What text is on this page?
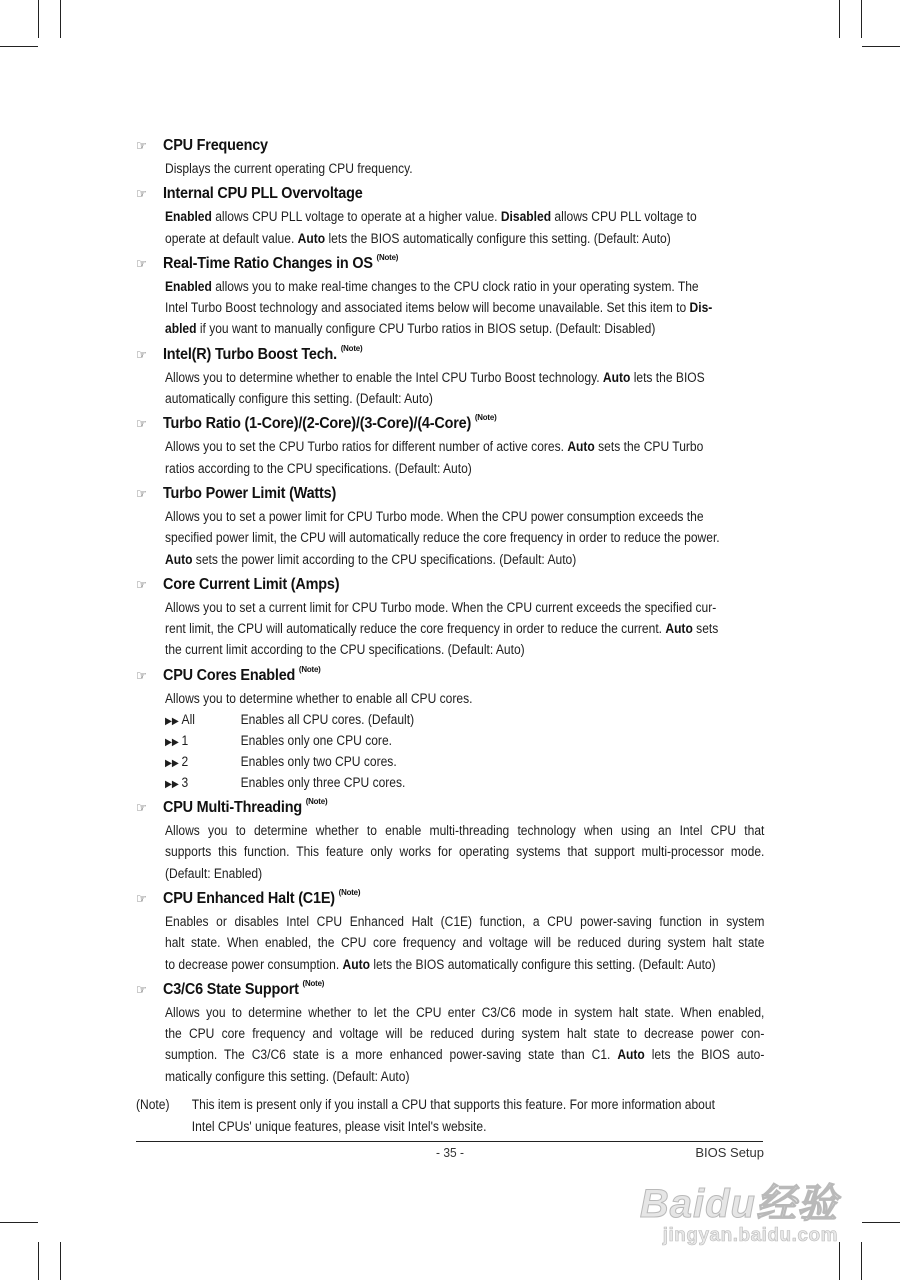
☞	CPU Frequency
Displays the current operating CPU frequency.
☞	Internal CPU PLL Overvoltage
Enabled allows CPU PLL voltage to operate at a higher value. Disabled allows CPU PLL voltage to
operate at default value. Auto lets the BIOS automatically configure this setting. (Default: Auto)
☞	Real-Time Ratio Changes in OS (Note)
Enabled allows you to make real-time changes to the CPU clock ratio in your operating system. The
Intel Turbo Boost technology and associated items below will become unavailable. Set this item to Dis-
abled if you want to manually configure CPU Turbo ratios in BIOS setup. (Default: Disabled)
☞	Intel(R) Turbo Boost Tech. (Note)
Allows you to determine whether to enable the Intel CPU Turbo Boost technology. Auto lets the BIOS
automatically configure this setting. (Default: Auto)
☞	Turbo Ratio (1-Core)/(2-Core)/(3-Core)/(4-Core) (Note)
Allows you to set the CPU Turbo ratios for different number of active cores. Auto sets the CPU Turbo
ratios according to the CPU specifications. (Default: Auto)
☞	Turbo Power Limit (Watts)
Allows you to set a power limit for CPU Turbo mode. When the CPU power consumption exceeds the
specified power limit, the CPU will automatically reduce the core frequency in order to reduce the power.
Auto sets the power limit according to the CPU specifications. (Default: Auto)
☞	Core Current Limit (Amps)
Allows you to set a current limit for CPU Turbo mode. When the CPU current exceeds the specified cur-
rent limit, the CPU will automatically reduce the core frequency in order to reduce the current. Auto sets
the current limit according to the CPU specifications. (Default: Auto)
☞	CPU Cores Enabled (Note)
Allows you to determine whether to enable all CPU cores.
▶▶ All	Enables all CPU cores. (Default)
▶▶ 1	Enables only one CPU core.
▶▶ 2	Enables only two CPU cores.
▶▶ 3	Enables only three CPU cores.
☞	CPU Multi-Threading (Note)
Allows you to determine whether to enable multi-threading technology when using an Intel CPU that
supports this function. This feature only works for operating systems that support multi-processor mode.
(Default: Enabled)
☞	CPU Enhanced Halt (C1E) (Note)
Enables or disables Intel CPU Enhanced Halt (C1E) function, a CPU power-saving function in system
halt state. When enabled, the CPU core frequency and voltage will be reduced during system halt state
to decrease power consumption. Auto lets the BIOS automatically configure this setting. (Default: Auto)
☞	C3/C6 State Support (Note)
Allows you to determine whether to let the CPU enter C3/C6 mode in system halt state. When enabled,
the CPU core frequency and voltage will be reduced during system halt state to decrease power con-
sumption. The C3/C6 state is a more enhanced power-saving state than C1. Auto lets the BIOS auto-
matically configure this setting. (Default: Auto)
(Note)	This item is present only if you install a CPU that supports this feature. For more information about
Intel CPUs' unique features, please visit Intel's website.
- 35 -	BIOS Setup
Baidu经验
jingyan.baidu.com
